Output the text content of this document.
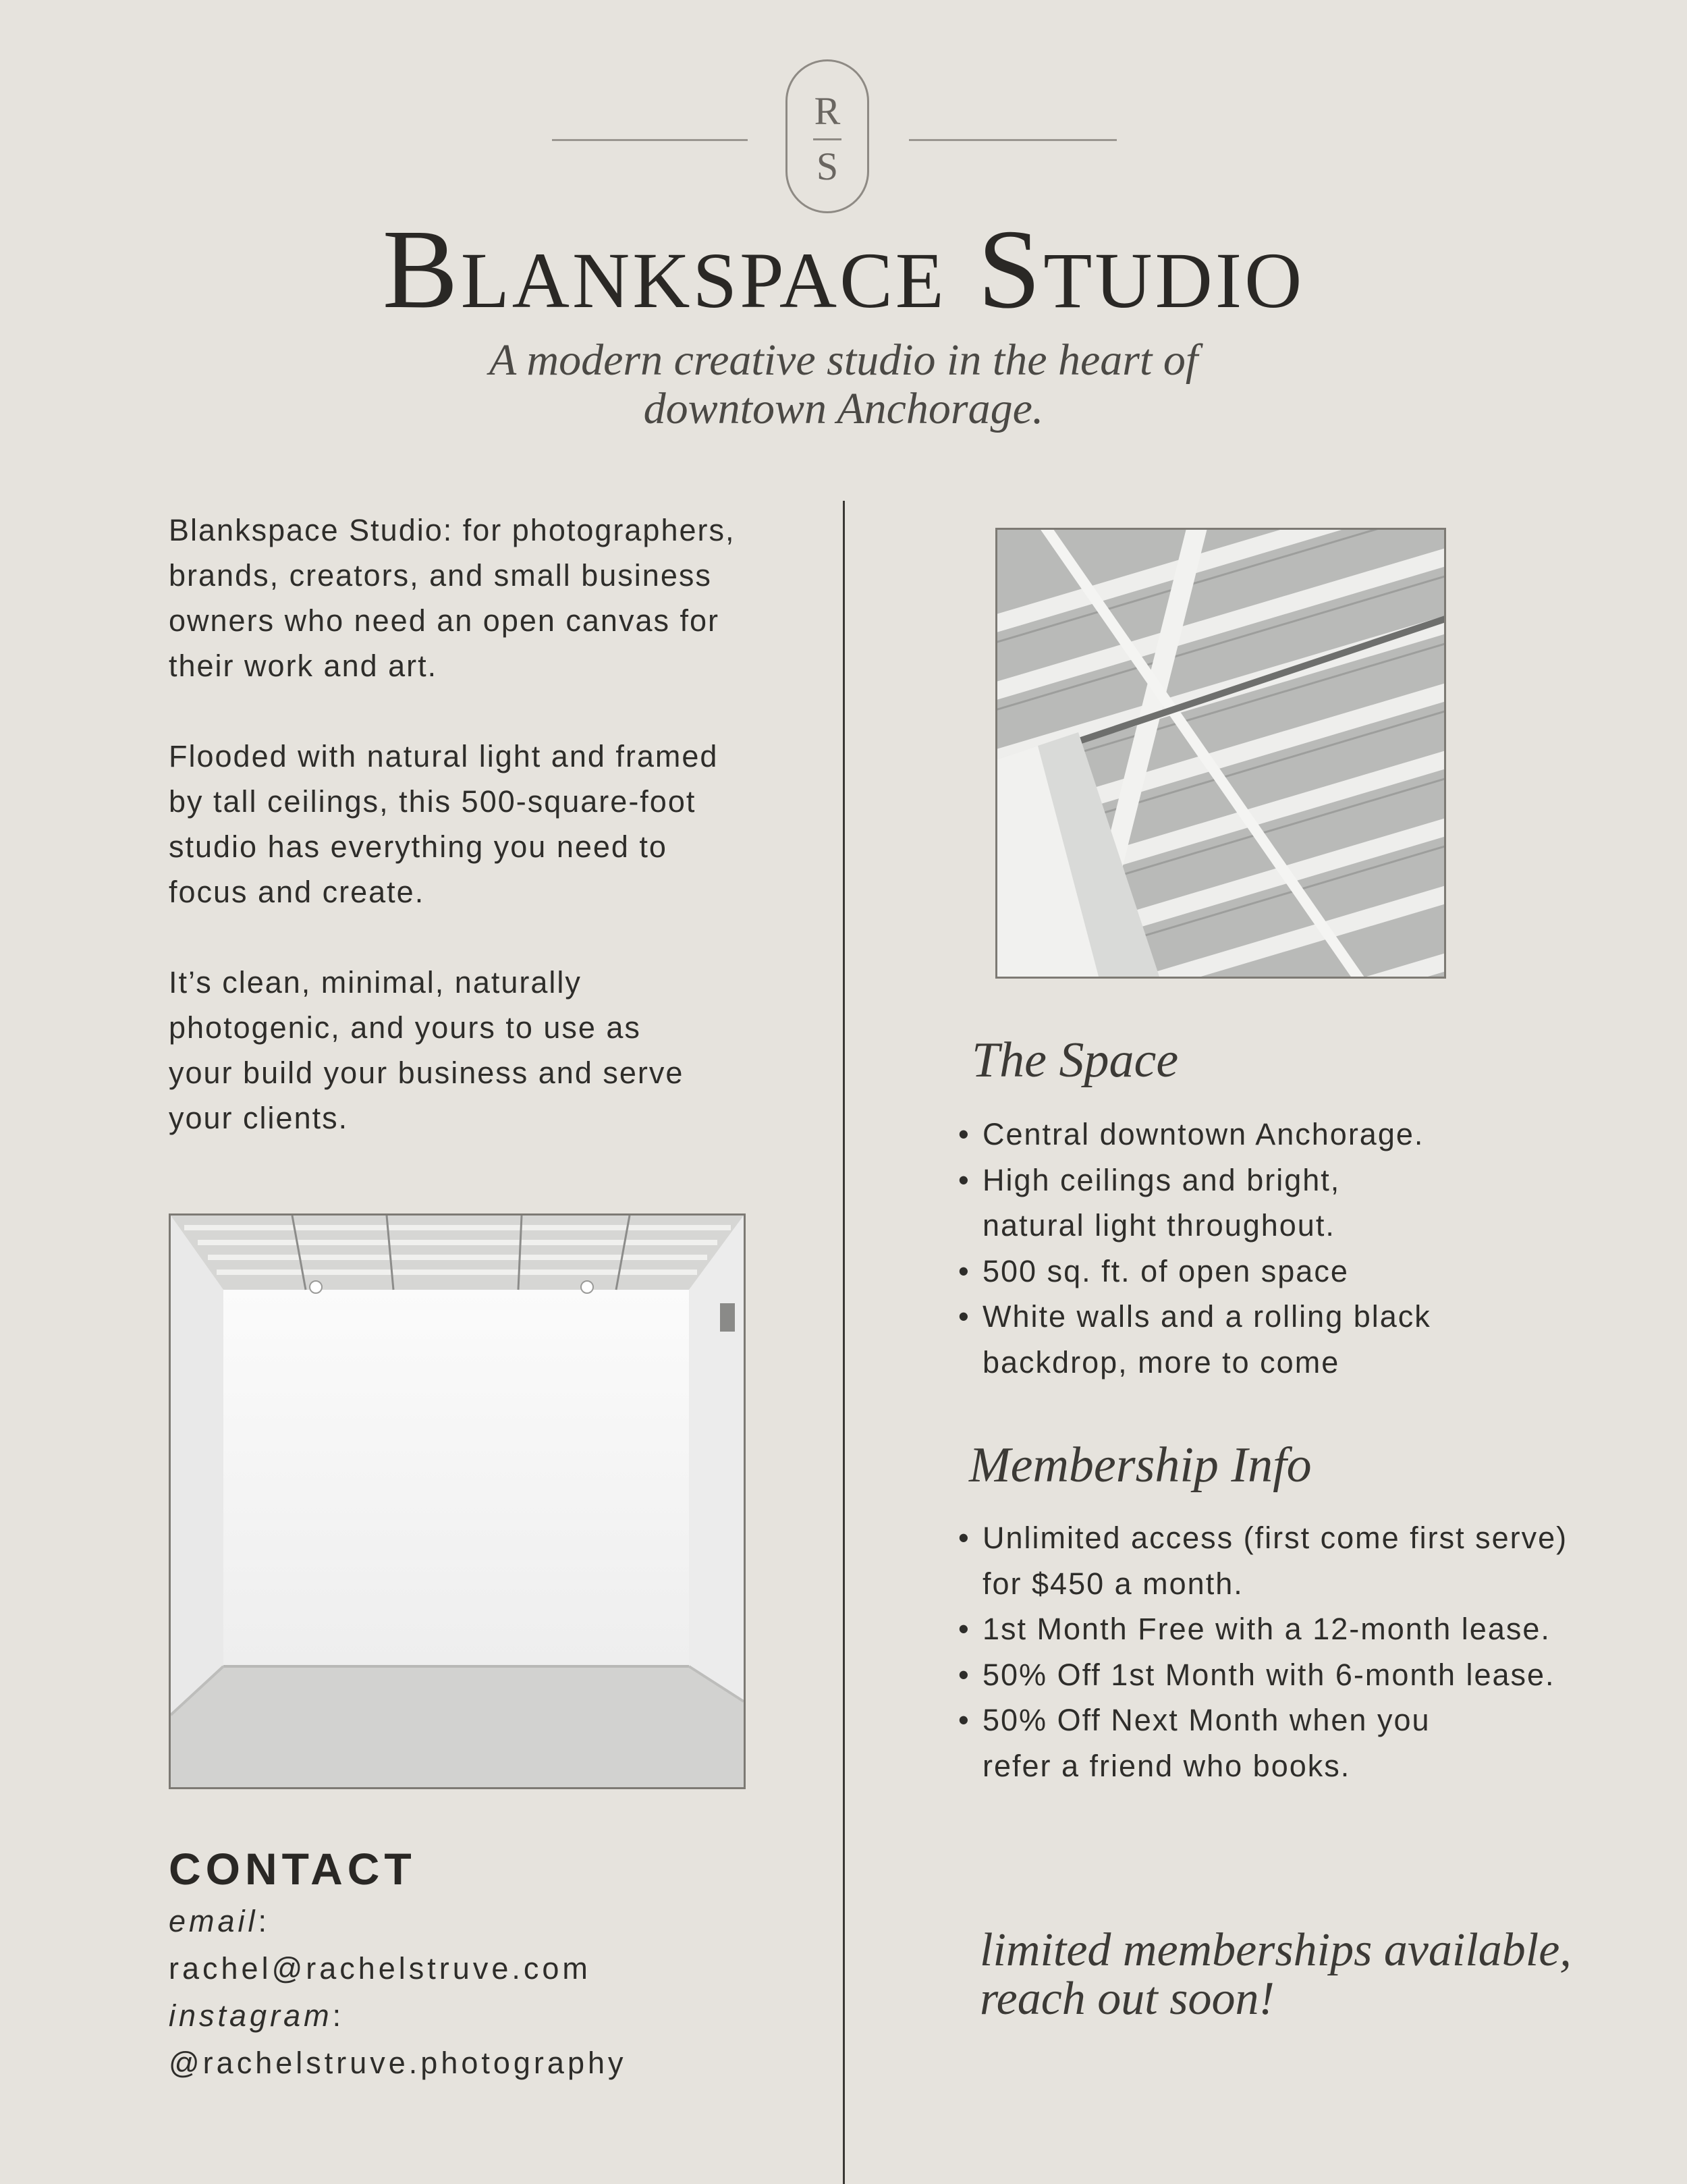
R
S
Blankspace Studio
A modern creative studio in the heart of
downtown Anchorage.

Blankspace Studio: for photographers,
brands, creators, and small business
owners who need an open canvas for
their work and art.

Flooded with natural light and framed
by tall ceilings, this 500-square-foot
studio has everything you need to
focus and create.

It’s clean, minimal, naturally
photogenic, and yours to use as
your build your business and serve
your clients.

The Space
• Central downtown Anchorage.
• High ceilings and bright,
natural light throughout.
• 500 sq. ft. of open space
• White walls and a rolling black
backdrop, more to come
Membership Info
• Unlimited access (first come first serve)
for $450 a month.
• 1st Month Free with a 12-month lease.
• 50% Off 1st Month with 6-month lease.
• 50% Off Next Month when you
refer a friend who books.
limited memberships available,
reach out soon!
CONTACT
email:
rachel@rachelstruve.com
instagram:
@rachelstruve.photography
